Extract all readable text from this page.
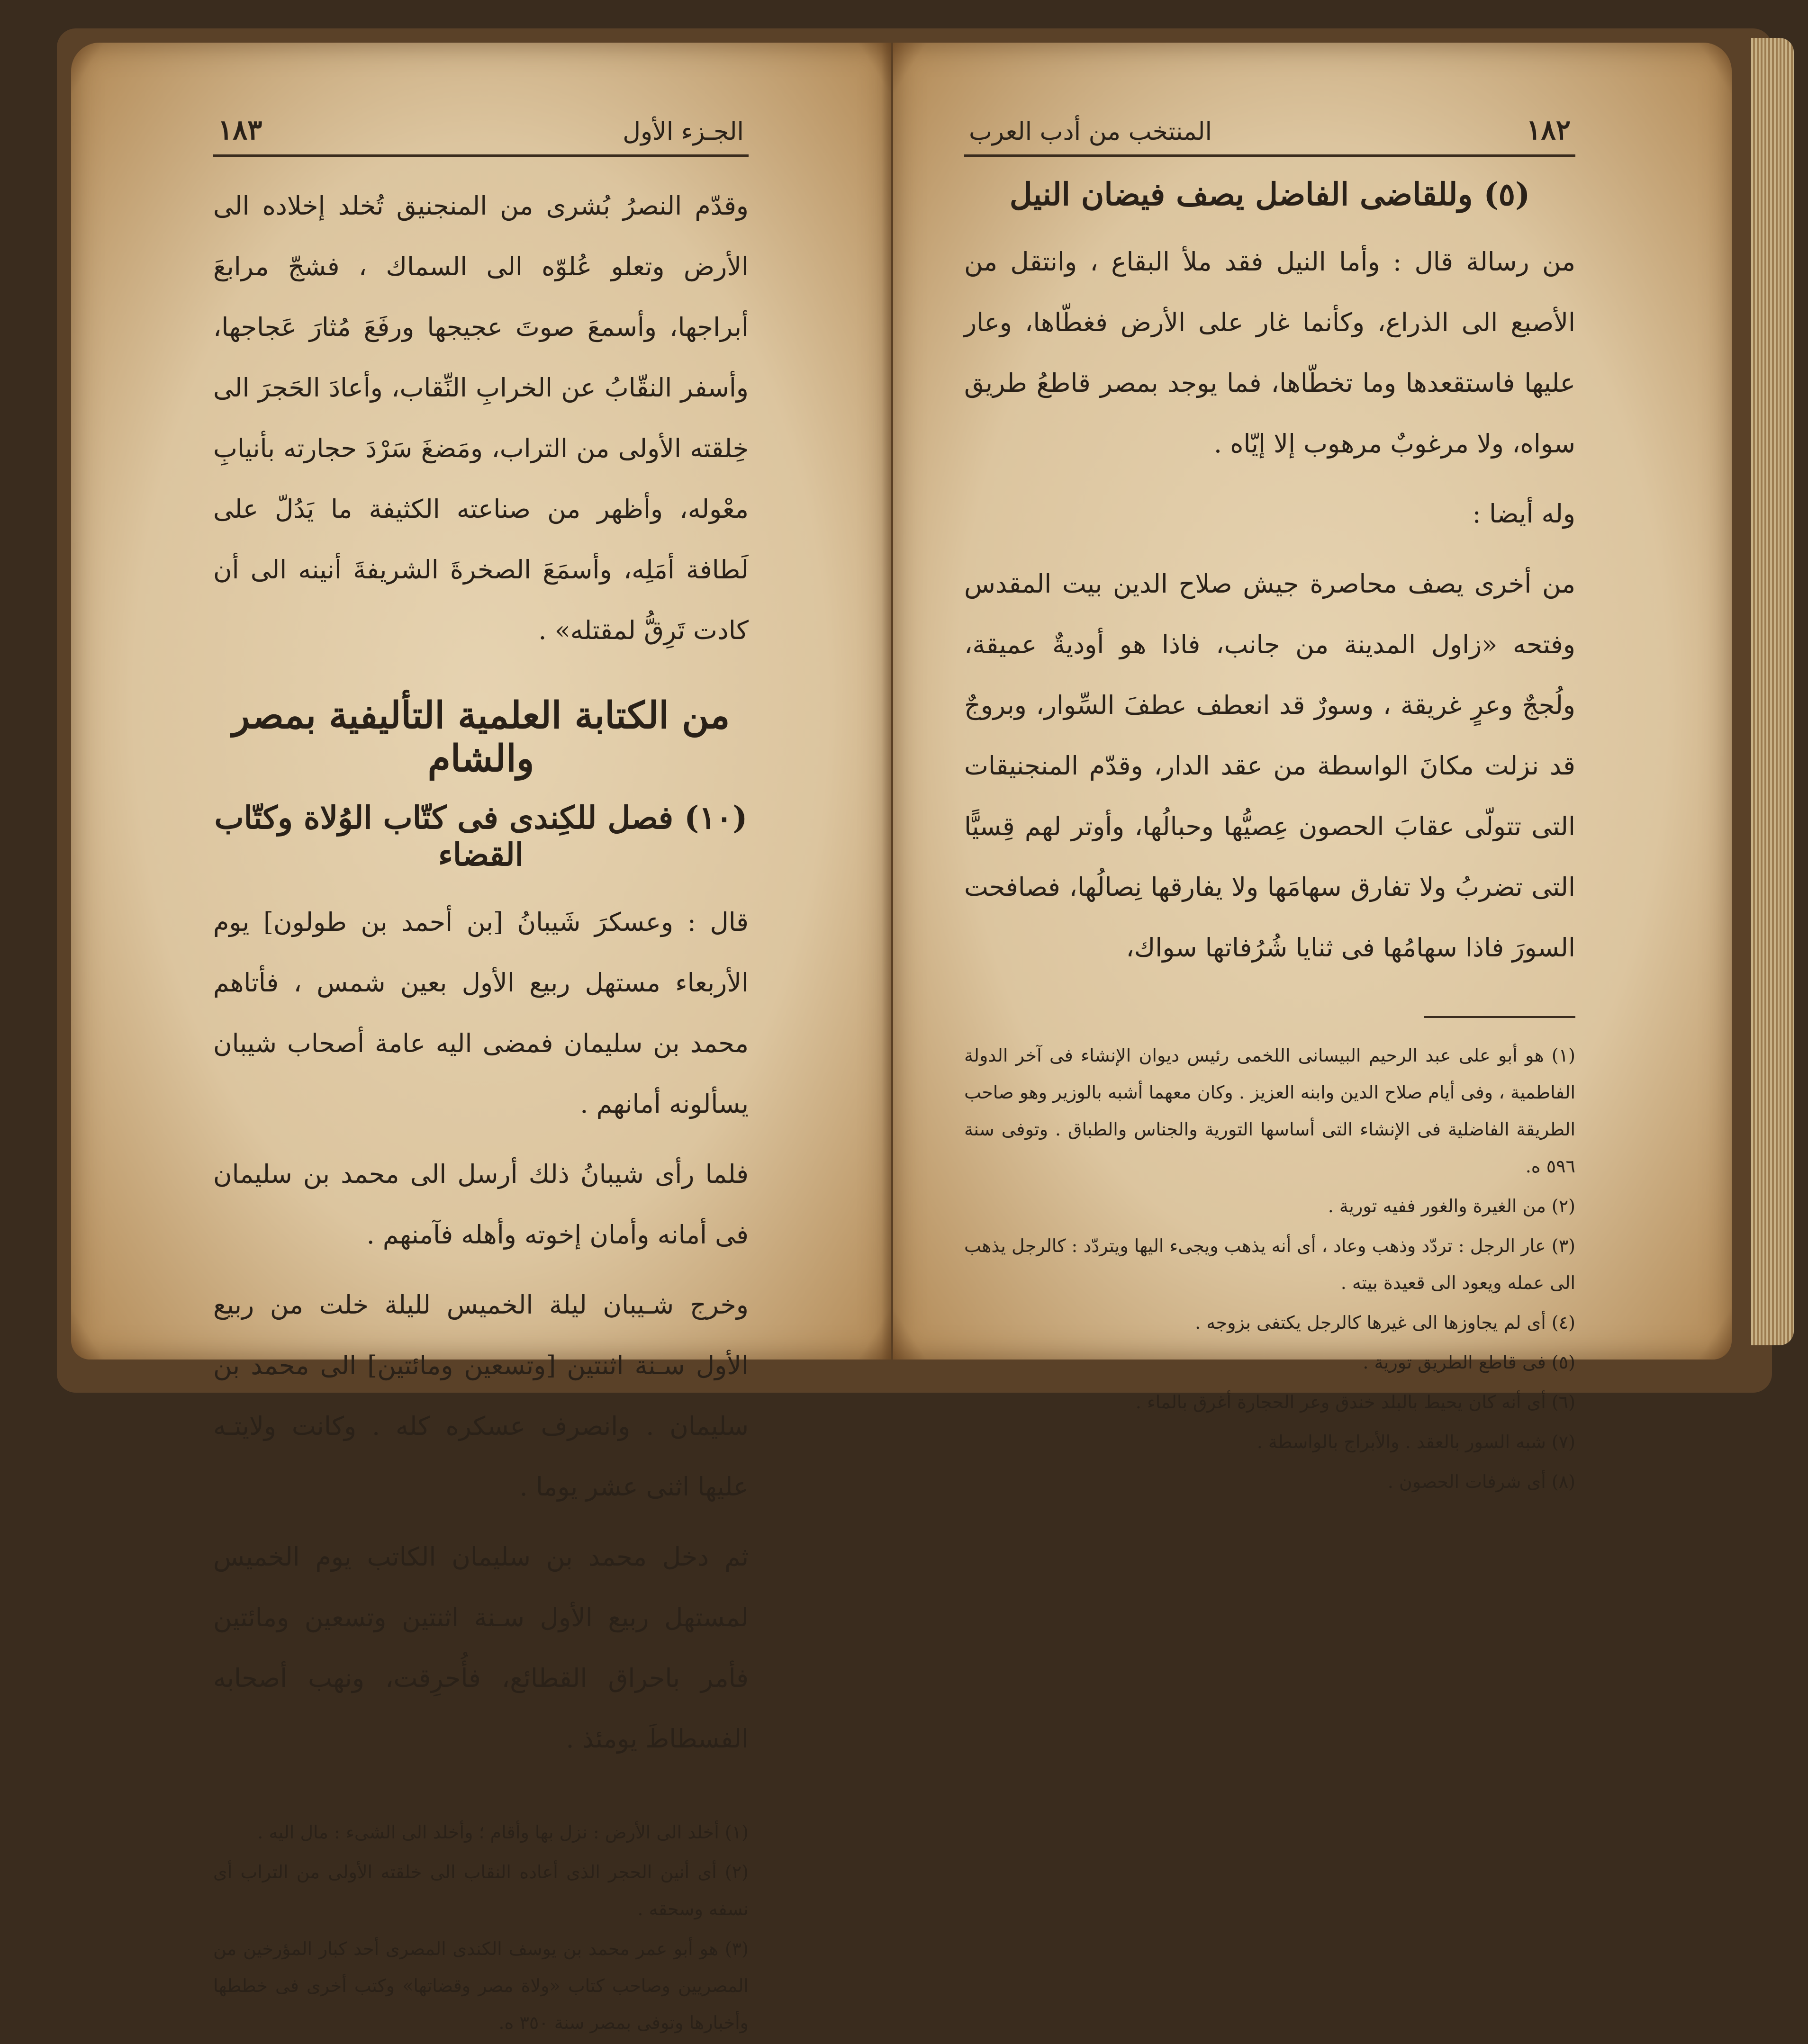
الجـزء الأول
١٨٣

وقدّم النصرُ بُشرى من المنجنيق تُخلد إخلاده الى الأرض وتعلو عُلوّه الى السماك ، فشجّ مرابعَ أبراجها، وأسمعَ صوتَ عجيجها ورفَعَ مُثارَ عَجاجها، وأسفر النقّابُ عن الخرابِ النِّقاب، وأعادَ الحَجرَ الى خِلقته الأولى من التراب، ومَضغَ سَرْدَ حجارته بأنيابِ معْوله، وأظهر من صناعته الكثيفة ما يَدُلّ على لَطافة أمَلِه، وأسمَعَ الصخرةَ الشريفةَ أنينه الى أن كادت تَرِقُّ لمقتله» .

من الكتابة العلمية التأليفية بمصر والشام
(١٠) فصل للكِندى فى كتّاب الوُلاة وكتّاب القضاء

قال : وعسكرَ شَيبانُ [بن أحمد بن طولون] يوم الأربعاء مستهل ربيع الأول بعين شمس ، فأتاهم محمد بن سليمان فمضى اليه عامة أصحاب شيبان يسألونه أمانهم .

فلما رأى شيبانُ ذلك أرسل الى محمد بن سليمان فى أمانه وأمان إخوته وأهله فآمنهم .

وخرج شـيبان ليلة الخميس لليلة خلت من ربيع الأول سـنة اثنتين [وتسعين ومائتين] الى محمد بن سليمان . وانصرف عسكره كله . وكانت ولايتـه عليها اثنى عشر يوما .

ثم دخل محمد بن سليمان الكاتب يوم الخميس لمستهل ربيع الأول سـنة اثنتين وتسعين ومائتين فأمر باحراق القطائع، فأُحرِقت، ونهب أصحابه الفسطاطَ يومئذ .

(١) أخلد الى الأرض : نزل بها وأقام ؛ وأخلد الى الشىء : مال اليه .

(٢) أى أنين الحجر الذى أعاده النقاب الى خلقته الأولى من التراب أى نسفه وسحقه .

(٣) هو أبو عمر محمد بن يوسف الكندى المصرى أحد كبار المؤرخين من المصريين وصاحب كتاب «ولاة مصر وقضاتها» وكتب أخرى فى خططها وأخبارها وتوفى بمصر سنة ٣٥٠ ه.

١٨٢
المنتخب من أدب العرب
(٥) وللقاضى الفاضل يصف فيضان النيل

من رسالة قال : وأما النيل فقد ملأ البقاع ، وانتقل من الأصبع الى الذراع، وكأنما غار على الأرض فغطّاها، وعار عليها فاستقعدها وما تخطّاها، فما يوجد بمصر قاطعُ طريق سواه، ولا مرغوبٌ مرهوب إلا إيّاه .

وله أيضا :

من أخرى يصف محاصرة جيش صلاح الدين بيت المقدس وفتحه «زاول المدينة من جانب، فاذا هو أوديةٌ عميقة، ولُججٌ وعرٍ غريقة ، وسورٌ قد انعطف عطفَ السِّوار، وبروجٌ قد نزلت مكانَ الواسطة من عقد الدار، وقدّم المنجنيقات التى تتولّى عقابَ الحصون عِصيُّها وحبالُها، وأوتر لهم قِسيًّا التى تضربُ ولا تفارق سهامَها ولا يفارقها نِصالُها، فصافحت السورَ فاذا سهامُها فى ثنايا شُرُفاتها سواك،

(١) هو أبو على عبد الرحيم البيسانى اللخمى رئيس ديوان الإنشاء فى آخر الدولة الفاطمية ، وفى أيام صلاح الدين وابنه العزيز . وكان معهما أشبه بالوزير وهو صاحب الطريقة الفاضلية فى الإنشاء التى أساسها التورية والجناس والطباق . وتوفى سنة ٥٩٦ ه.

(٢) من الغيرة والغور ففيه تورية .

(٣) عار الرجل : تردّد وذهب وعاد ، أى أنه يذهب ويجىء اليها ويتردّد : كالرجل يذهب الى عمله ويعود الى قعيدة بيته .

(٤) أى لم يجاوزها الى غيرها كالرجل يكتفى بزوجه .

(٥) فى قاطع الطريق تورية .

(٦) أى أنه كان يحيط بالبلد خندق وعر الحجارة أغرق بالماء .

(٧) شبه السور بالعقد . والأبراج بالواسطة .

(٨) أى شرفات الحصون .
